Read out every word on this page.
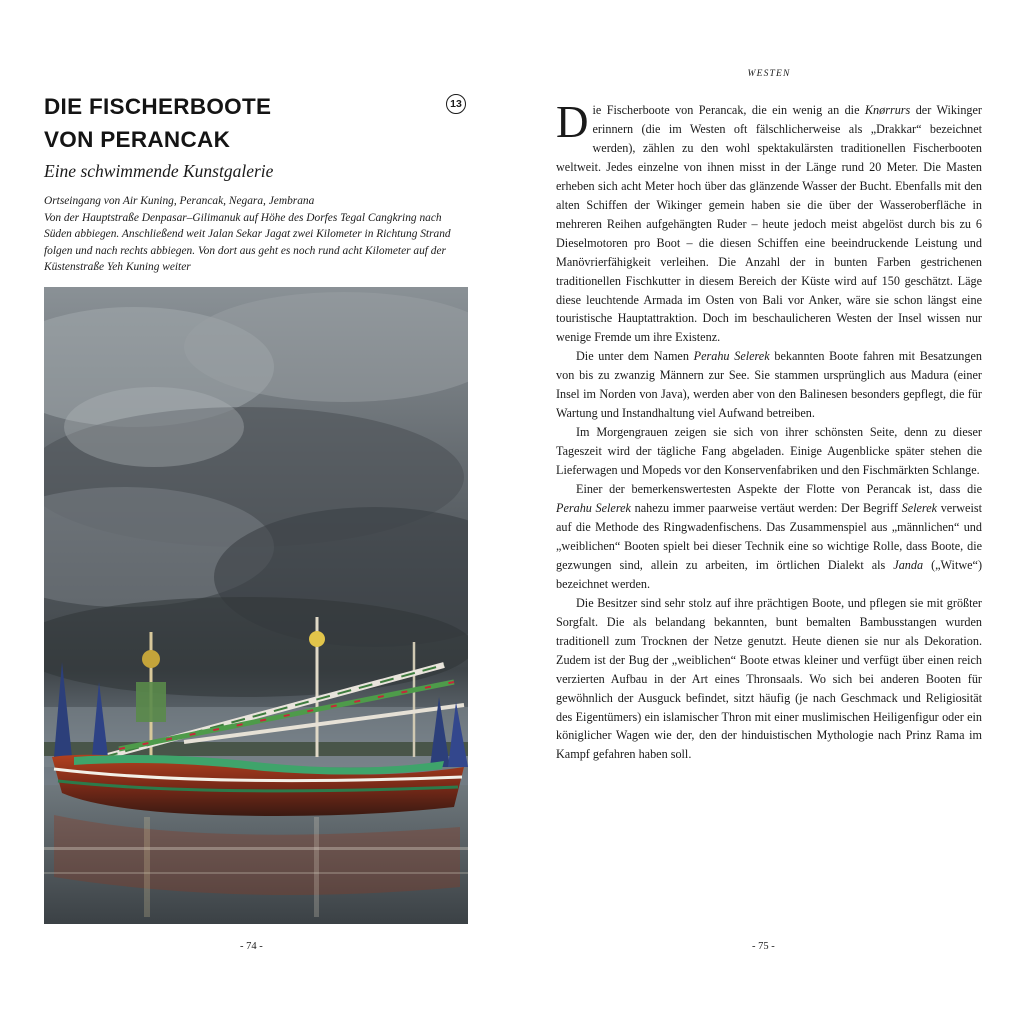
WESTEN
DIE FISCHERBOOTE
VON PERANCAK
13
Eine schwimmende Kunstgalerie

Ortseingang von Air Kuning, Perancak, Negara, Jembrana

Von der Hauptstraße Denpasar–Gilimanuk auf Höhe des Dorfes Tegal Cangkring nach Süden abbiegen. Anschließend weit Jalan Sekar Jagat zwei Kilometer in Richtung Strand folgen und nach rechts abbiegen. Von dort aus geht es noch rund acht Kilometer auf der Küstenstraße Yeh Kuning weiter

- 74 -

Die Fischerboote von Perancak, die ein wenig an die Knørrurs der Wikinger erinnern (die im Westen oft fälschlicherweise als „Drakkar“ bezeichnet werden), zählen zu den wohl spektakulärsten traditionellen Fischerbooten weltweit. Jedes einzelne von ihnen misst in der Länge rund 20 Meter. Die Masten erheben sich acht Meter hoch über das glänzende Wasser der Bucht. Ebenfalls mit den alten Schiffen der Wikinger gemein haben sie die über der Wasseroberfläche in mehreren Reihen aufgehängten Ruder – heute jedoch meist abgelöst durch bis zu 6 Dieselmotoren pro Boot – die diesen Schiffen eine beeindruckende Leistung und Manövrierfähigkeit verleihen. Die Anzahl der in bunten Farben gestrichenen traditionellen Fischkutter in diesem Bereich der Küste wird auf 150 geschätzt. Läge diese leuchtende Armada im Osten von Bali vor Anker, wäre sie schon längst eine touristische Hauptattraktion. Doch im beschaulicheren Westen der Insel wissen nur wenige Fremde um ihre Existenz.

Die unter dem Namen Perahu Selerek bekannten Boote fahren mit Besatzungen von bis zu zwanzig Männern zur See. Sie stammen ursprünglich aus Madura (einer Insel im Norden von Java), werden aber von den Balinesen besonders gepflegt, die für Wartung und Instandhaltung viel Aufwand betreiben.

Im Morgengrauen zeigen sie sich von ihrer schönsten Seite, denn zu dieser Tageszeit wird der tägliche Fang abgeladen. Einige Augenblicke später stehen die Lieferwagen und Mopeds vor den Konservenfabriken und den Fischmärkten Schlange.

Einer der bemerkenswertesten Aspekte der Flotte von Perancak ist, dass die Perahu Selerek nahezu immer paarweise vertäut werden: Der Begriff Selerek verweist auf die Methode des Ringwadenfischens. Das Zusammenspiel aus „männlichen“ und „weiblichen“ Booten spielt bei dieser Technik eine so wichtige Rolle, dass Boote, die gezwungen sind, allein zu arbeiten, im örtlichen Dialekt als Janda („Witwe“) bezeichnet werden.

Die Besitzer sind sehr stolz auf ihre prächtigen Boote, und pflegen sie mit größter Sorgfalt. Die als belandang bekannten, bunt bemalten Bambusstangen wurden traditionell zum Trocknen der Netze genutzt. Heute dienen sie nur als Dekoration. Zudem ist der Bug der „weiblichen“ Boote etwas kleiner und verfügt über einen reich verzierten Aufbau in der Art eines Thronsaals. Wo sich bei anderen Booten für gewöhnlich der Ausguck befindet, sitzt häufig (je nach Geschmack und Religiosität des Eigentümers) ein islamischer Thron mit einer muslimischen Heiligenfigur oder ein königlicher Wagen wie der, den der hinduistischen Mythologie nach Prinz Rama im Kampf gefahren haben soll.

- 75 -
